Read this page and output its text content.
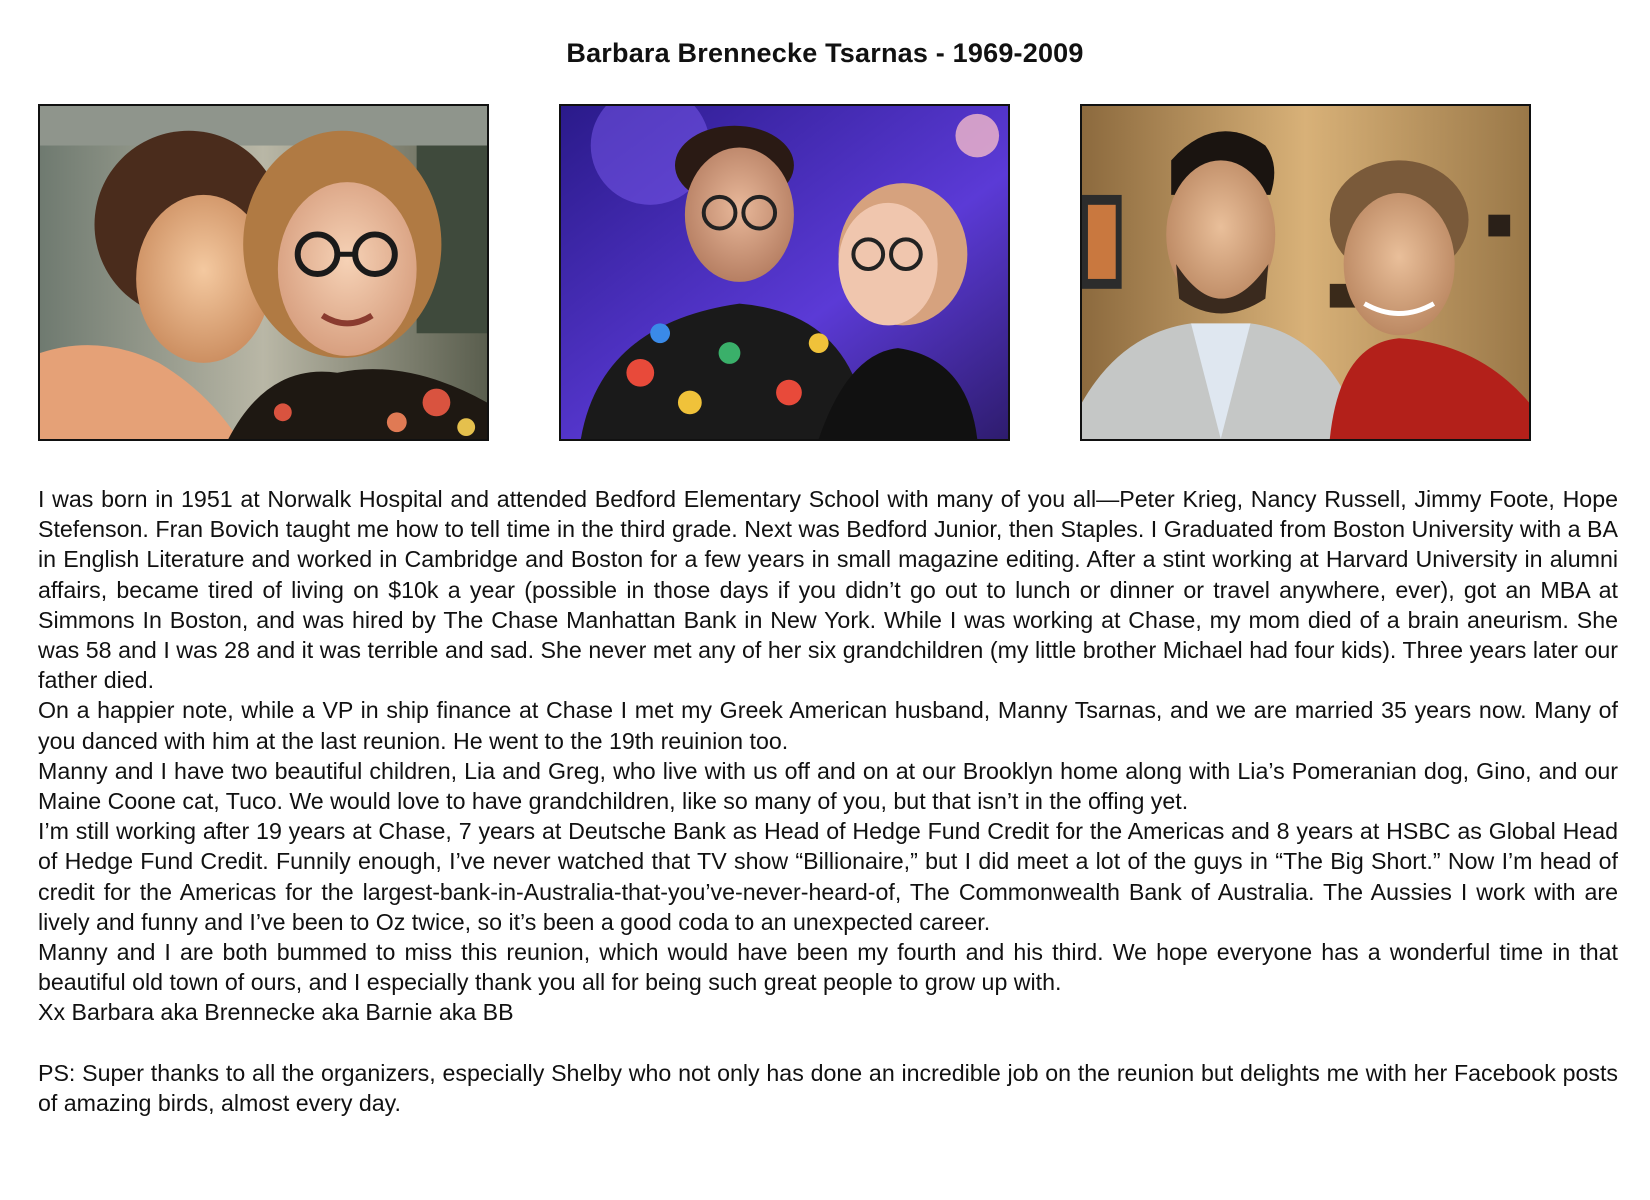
Barbara Brennecke Tsarnas - 1969-2009

I was born in 1951 at Norwalk Hospital and attended Bedford Elementary School with many of you all—Peter Krieg, Nancy Russell, Jimmy Foote, Hope Stefenson. Fran Bovich taught me how to tell time in the third grade. Next was Bedford Junior, then Staples. I Graduated from Boston University with a BA in English Literature and worked in Cambridge and Boston for a few years in small magazine editing. After a stint working at Harvard University in alumni affairs, became tired of living on $10k a year (possible in those days if you didn’t go out to lunch or dinner or travel anywhere, ever), got an MBA at Simmons In Boston, and was hired by The Chase Manhattan Bank in New York. While I was working at Chase, my mom died of a brain aneurism. She was 58 and I was 28 and it was terrible and sad. She never met any of her six grandchildren (my little brother Michael had four kids). Three years later our father died.

On a happier note, while a VP in ship finance at Chase I met my Greek American husband, Manny Tsarnas, and we are married 35 years now. Many of you danced with him at the last reunion. He went to the 19th reuinion too.

Manny and I have two beautiful children, Lia and Greg, who live with us off and on at our Brooklyn home along with Lia’s Pomeranian dog, Gino, and our Maine Coone cat, Tuco. We would love to have grandchildren, like so many of you, but that isn’t in the offing yet.

I’m still working after 19 years at Chase, 7 years at Deutsche Bank as Head of Hedge Fund Credit for the Americas and 8 years at HSBC as Global Head of Hedge Fund Credit. Funnily enough, I’ve never watched that TV show “Billionaire,” but I did meet a lot of the guys in “The Big Short.” Now I’m head of credit for the Americas for the largest-bank-in-Australia-that-you’ve-never-heard-of, The Commonwealth Bank of Australia. The Aussies I work with are lively and funny and I’ve been to Oz twice, so it’s been a good coda to an unexpected career.

Manny and I are both bummed to miss this reunion, which would have been my fourth and his third. We hope everyone has a wonderful time in that beautiful old town of ours, and I especially thank you all for being such great people to grow up with.

Xx Barbara aka Brennecke aka Barnie aka BB

PS: Super thanks to all the organizers, especially Shelby who not only has done an incredible job on the reunion but delights me with her Facebook posts of amazing birds, almost every day.
